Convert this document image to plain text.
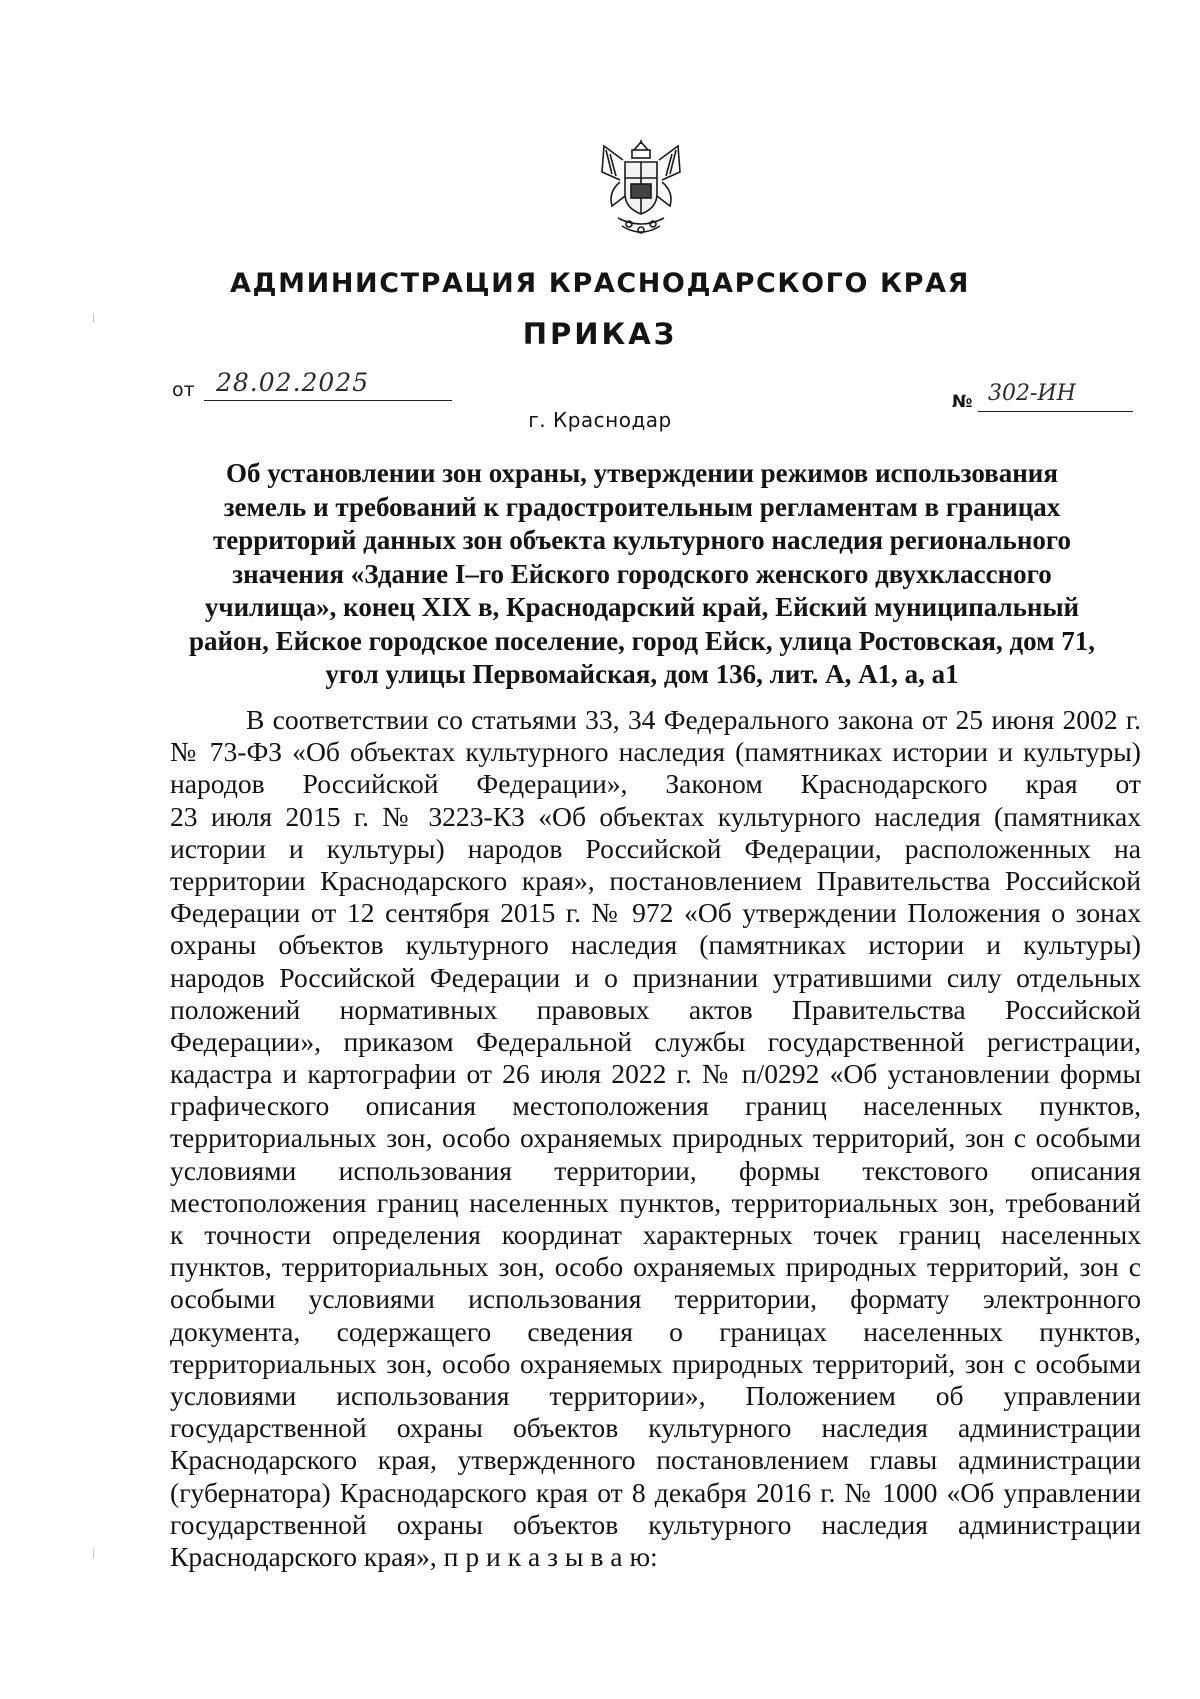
АДМИНИСТРАЦИЯ КРАСНОДАРСКОГО КРАЯ
ПРИКАЗ
от 28.02.2025
г. Краснодар
№ 302-ИН
Об установлении зон охраны, утверждении режимов использования
земель и требований к градостроительным регламентам в границах
территорий данных зон объекта культурного наследия регионального
значения «Здание I–го Ейского городского женского двухклассного
училища», конец XIX в, Краснодарский край, Ейский муниципальный
район, Ейское городское поселение, город Ейск, улица Ростовская, дом 71,
угол улицы Первомайская, дом 136, лит. А, А1, а, а1
В соответствии со статьями 33, 34 Федерального закона от 25 июня 2002 г.
№ 73-ФЗ «Об объектах культурного наследия (памятниках истории и культуры)
народов Российской Федерации», Законом Краснодарского края от
23 июля 2015 г. № 3223-КЗ «Об объектах культурного наследия (памятниках
истории и культуры) народов Российской Федерации, расположенных на
территории Краснодарского края», постановлением Правительства Российской
Федерации от 12 сентября 2015 г. № 972 «Об утверждении Положения о зонах
охраны объектов культурного наследия (памятниках истории и культуры)
народов Российской Федерации и о признании утратившими силу отдельных
положений нормативных правовых актов Правительства Российской
Федерации», приказом Федеральной службы государственной регистрации,
кадастра и картографии от 26 июля 2022 г. № п/0292 «Об установлении формы
графического описания местоположения границ населенных пунктов,
территориальных зон, особо охраняемых природных территорий, зон с особыми
условиями использования территории, формы текстового описания
местоположения границ населенных пунктов, территориальных зон, требований
к точности определения координат характерных точек границ населенных
пунктов, территориальных зон, особо охраняемых природных территорий, зон с
особыми условиями использования территории, формату электронного
документа, содержащего сведения о границах населенных пунктов,
территориальных зон, особо охраняемых природных территорий, зон с особыми
условиями использования территории», Положением об управлении
государственной охраны объектов культурного наследия администрации
Краснодарского края, утвержденного постановлением главы администрации
(губернатора) Краснодарского края от 8 декабря 2016 г. № 1000 «Об управлении
государственной охраны объектов культурного наследия администрации
Краснодарского края», п р и к а з ы в а ю:
